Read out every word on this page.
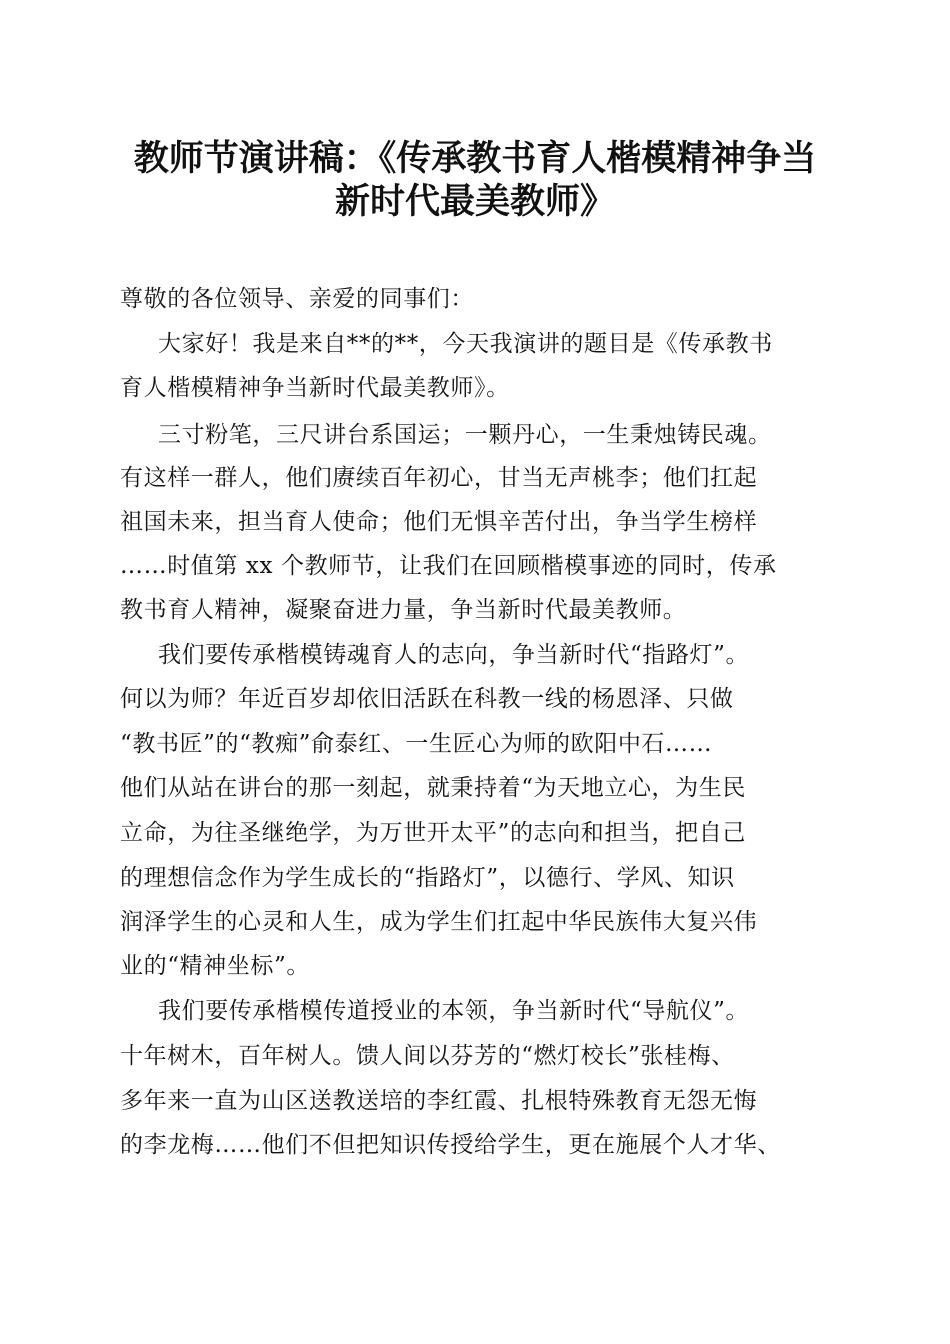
教师节演讲稿：《传承教书育人楷模精神争当
新时代最美教师》
尊敬的各位领导、亲爱的同事们：
大家好！我是来自**的**，今天我演讲的题目是《传承教书
育人楷模精神争当新时代最美教师》。
三寸粉笔，三尺讲台系国运；一颗丹心，一生秉烛铸民魂。
有这样一群人，他们赓续百年初心，甘当无声桃李；他们扛起
祖国未来，担当育人使命；他们无惧辛苦付出，争当学生榜样
……时值第 xx 个教师节，让我们在回顾楷模事迹的同时，传承
教书育人精神，凝聚奋进力量，争当新时代最美教师。
我们要传承楷模铸魂育人的志向，争当新时代“指路灯”。
何以为师？年近百岁却依旧活跃在科教一线的杨恩泽、只做
“教书匠”的“教痴”俞泰红、一生匠心为师的欧阳中石……
他们从站在讲台的那一刻起，就秉持着“为天地立心，为生民
立命，为往圣继绝学，为万世开太平”的志向和担当，把自己
的理想信念作为学生成长的“指路灯”，以德行、学风、知识
润泽学生的心灵和人生，成为学生们扛起中华民族伟大复兴伟
业的“精神坐标”。
我们要传承楷模传道授业的本领，争当新时代“导航仪”。
十年树木，百年树人。馈人间以芬芳的“燃灯校长”张桂梅、
多年来一直为山区送教送培的李红霞、扎根特殊教育无怨无悔
的李龙梅……他们不但把知识传授给学生，更在施展个人才华、
